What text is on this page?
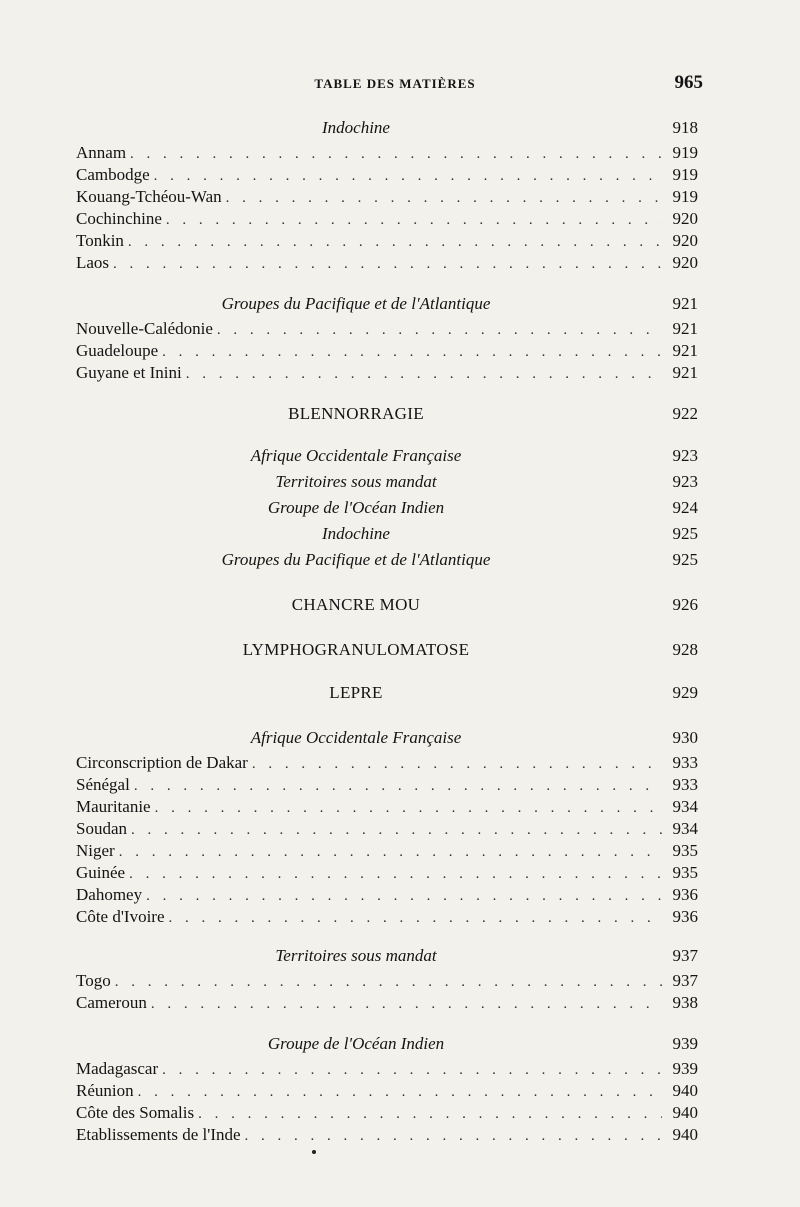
TABLE DES MATIÈRES	965
Indochine	918
Annam . . .	919
Cambodge . . .	919
Kouang-Tchéou-Wan . . .	919
Cochinchine . . .	920
Tonkin . . .	920
Laos . . .	920
Groupes du Pacifique et de l'Atlantique	921
Nouvelle-Calédonie . . .	921
Guadeloupe . . .	921
Guyane et Inini . . .	921
BLENNORRAGIE	922
Afrique Occidentale Française	923
Territoires sous mandat	923
Groupe de l'Océan Indien	924
Indochine	925
Groupes du Pacifique et de l'Atlantique	925
CHANCRE MOU	926
LYMPHOGRANULOMATOSE	928
LEPRE	929
Afrique Occidentale Française	930
Circonscription de Dakar . . .	933
Sénégal . . .	933
Mauritanie . . .	934
Soudan . . .	934
Niger . . .	935
Guinée . . .	935
Dahomey . . .	936
Côte d'Ivoire . . .	936
Territoires sous mandat	937
Togo . . .	937
Cameroun . . .	938
Groupe de l'Océan Indien	939
Madagascar . . .	939
Réunion . . .	940
Côte des Somalis . . .	940
Etablissements de l'Inde . . .	940
